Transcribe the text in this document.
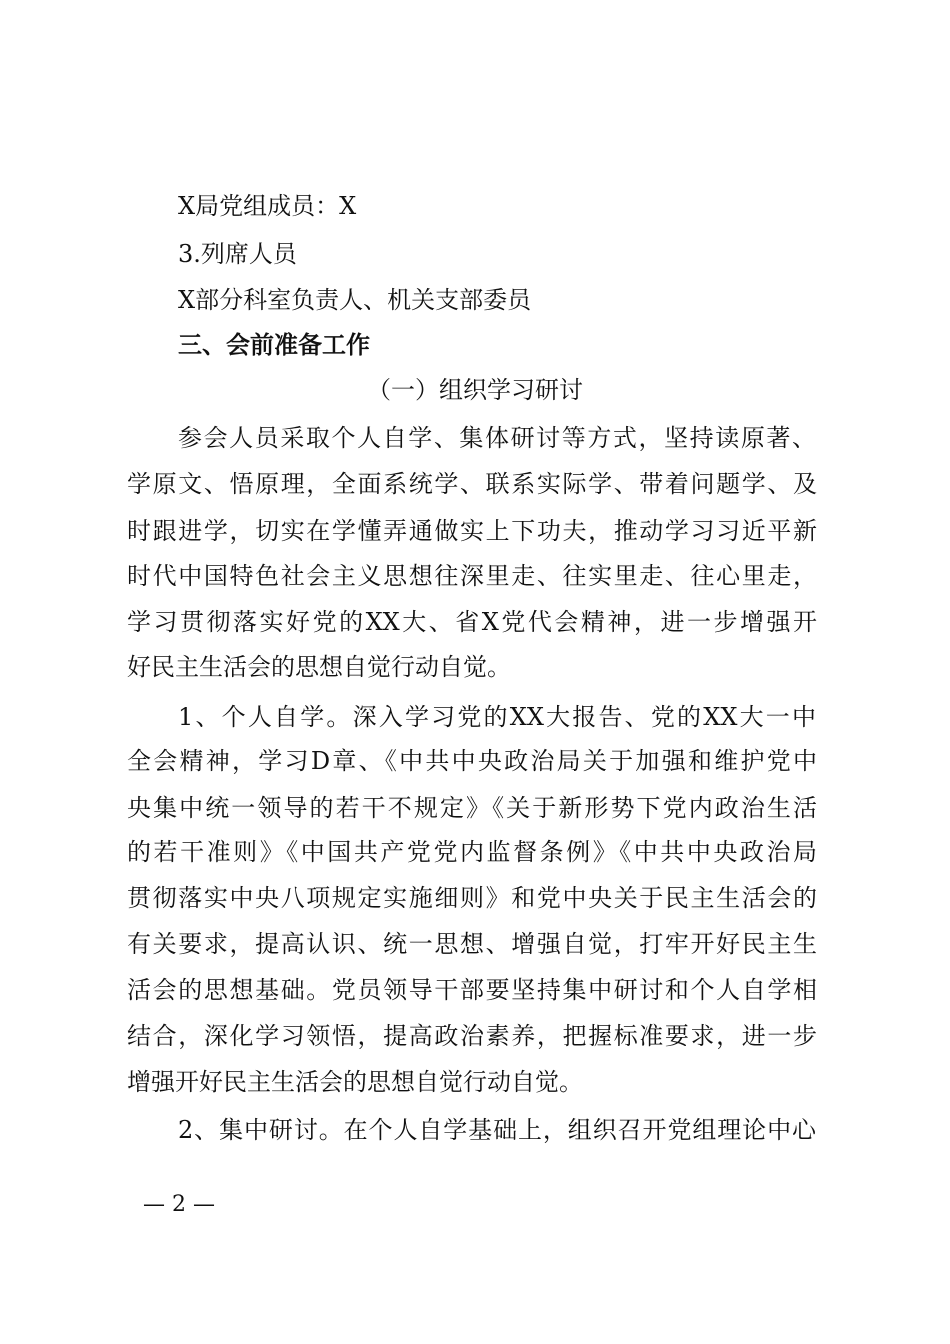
X局党组成员：X
3.列席人员
X部分科室负责人、机关支部委员
三、会前准备工作
（一）组织学习研讨
参会人员采取个人自学、集体研讨等方式，坚持读原著、
学原文、悟原理，全面系统学、联系实际学、带着问题学、及
时跟进学，切实在学懂弄通做实上下功夫，推动学习习近平新
时代中国特色社会主义思想往深里走、往实里走、往心里走，
学习贯彻落实好党的XX大、省X党代会精神，进一步增强开
好民主生活会的思想自觉行动自觉。
1、个人自学。深入学习党的XX大报告、党的XX大一中
全会精神，学习D章、《中共中央政治局关于加强和维护党中
央集中统一领导的若干不规定》《关于新形势下党内政治生活
的若干准则》《中国共产党党内监督条例》《中共中央政治局
贯彻落实中央八项规定实施细则》和党中央关于民主生活会的
有关要求，提高认识、统一思想、增强自觉，打牢开好民主生
活会的思想基础。党员领导干部要坚持集中研讨和个人自学相
结合，深化学习领悟，提高政治素养，把握标准要求，进一步
增强开好民主生活会的思想自觉行动自觉。
2、集中研讨。在个人自学基础上，组织召开党组理论中心
— 2 —
